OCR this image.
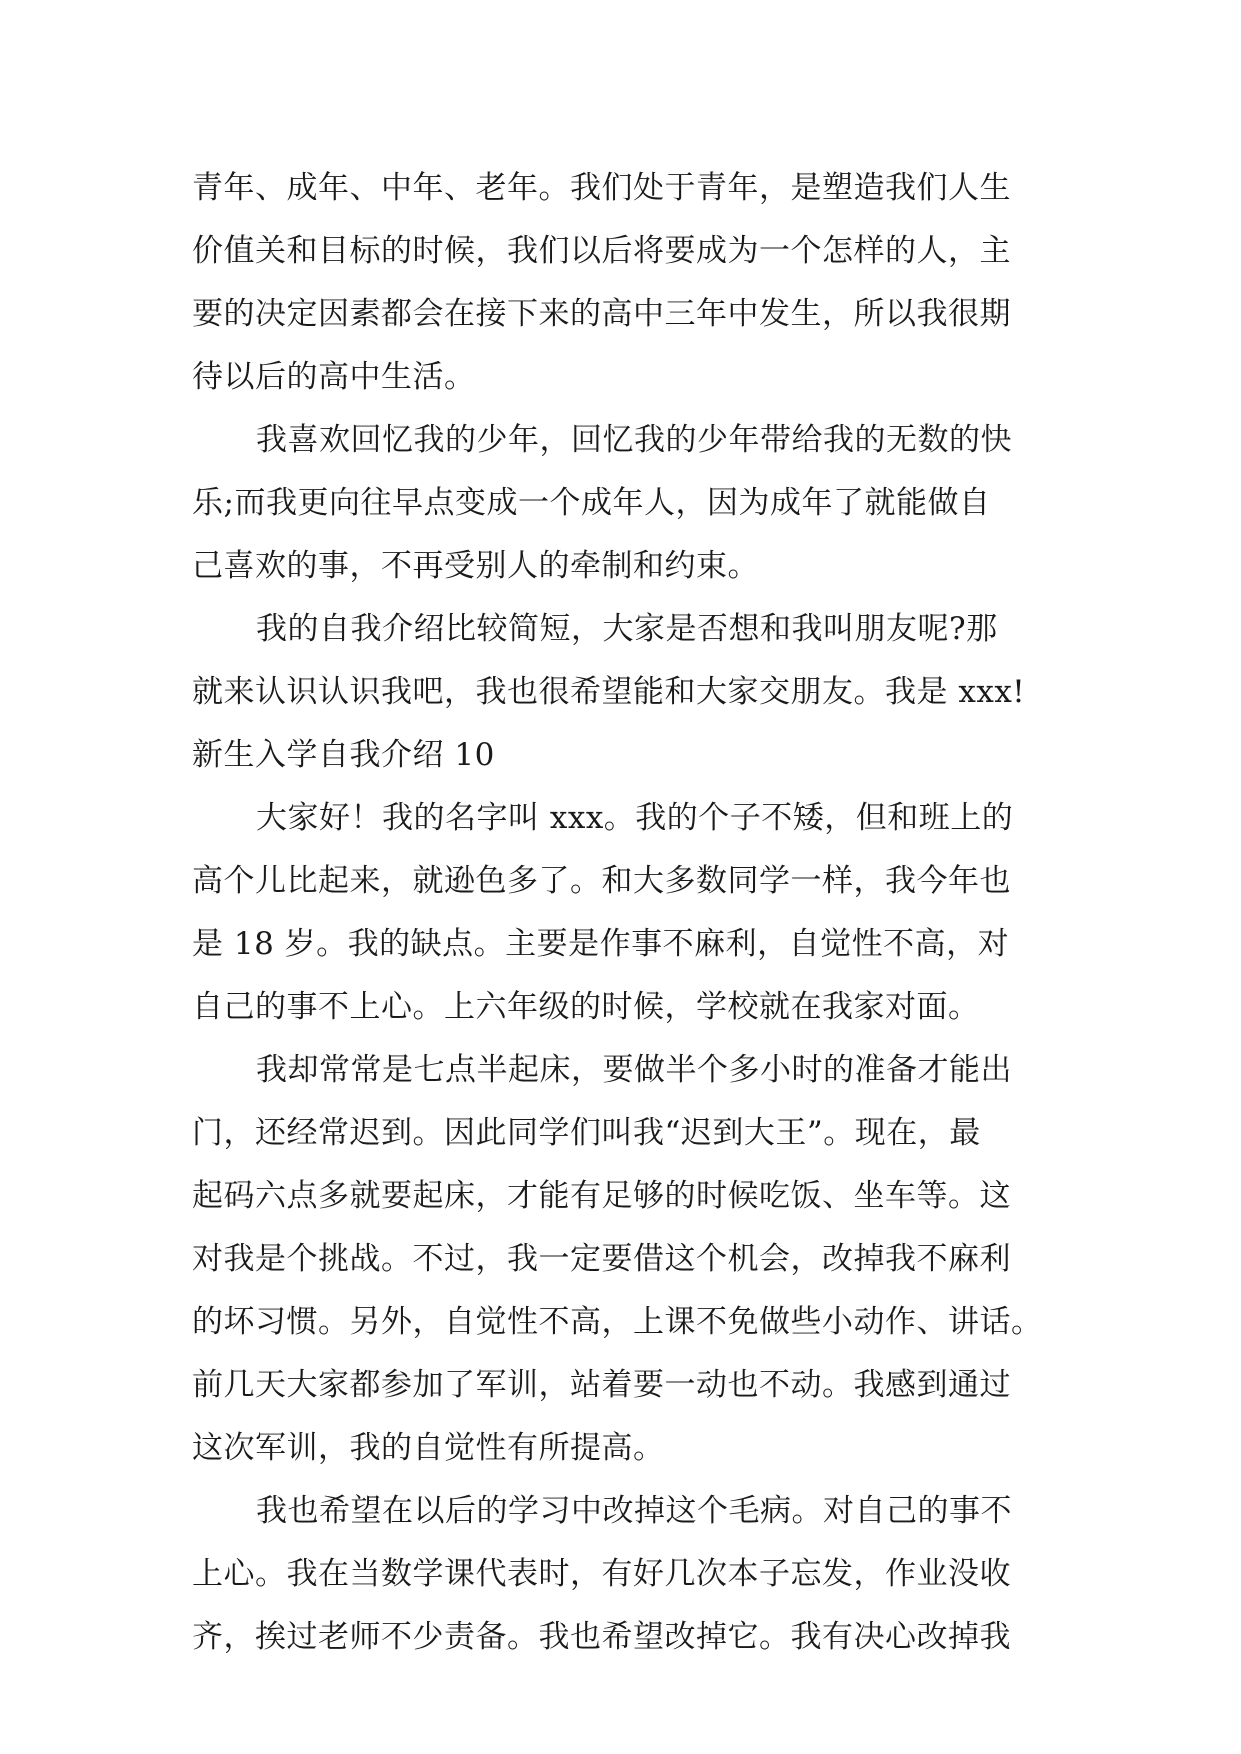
青年、成年、中年、老年。我们处于青年，是塑造我们人生

价值关和目标的时候，我们以后将要成为一个怎样的人，主

要的决定因素都会在接下来的高中三年中发生，所以我很期

待以后的高中生活。

我喜欢回忆我的少年，回忆我的少年带给我的无数的快

乐;而我更向往早点变成一个成年人，因为成年了就能做自

己喜欢的事，不再受别人的牵制和约束。

我的自我介绍比较简短，大家是否想和我叫朋友呢?那

就来认识认识我吧，我也很希望能和大家交朋友。我是 xxx!

新生入学自我介绍 10

大家好！我的名字叫 xxx。我的个子不矮，但和班上的

高个儿比起来，就逊色多了。和大多数同学一样，我今年也

是 18 岁。我的缺点。主要是作事不麻利，自觉性不高，对

自己的事不上心。上六年级的时候，学校就在我家对面。

我却常常是七点半起床，要做半个多小时的准备才能出

门，还经常迟到。因此同学们叫我“迟到大王”。现在，最

起码六点多就要起床，才能有足够的时候吃饭、坐车等。这

对我是个挑战。不过，我一定要借这个机会，改掉我不麻利

的坏习惯。另外，自觉性不高，上课不免做些小动作、讲话。

前几天大家都参加了军训，站着要一动也不动。我感到通过

这次军训，我的自觉性有所提高。

我也希望在以后的学习中改掉这个毛病。对自己的事不

上心。我在当数学课代表时，有好几次本子忘发，作业没收

齐，挨过老师不少责备。我也希望改掉它。我有决心改掉我
